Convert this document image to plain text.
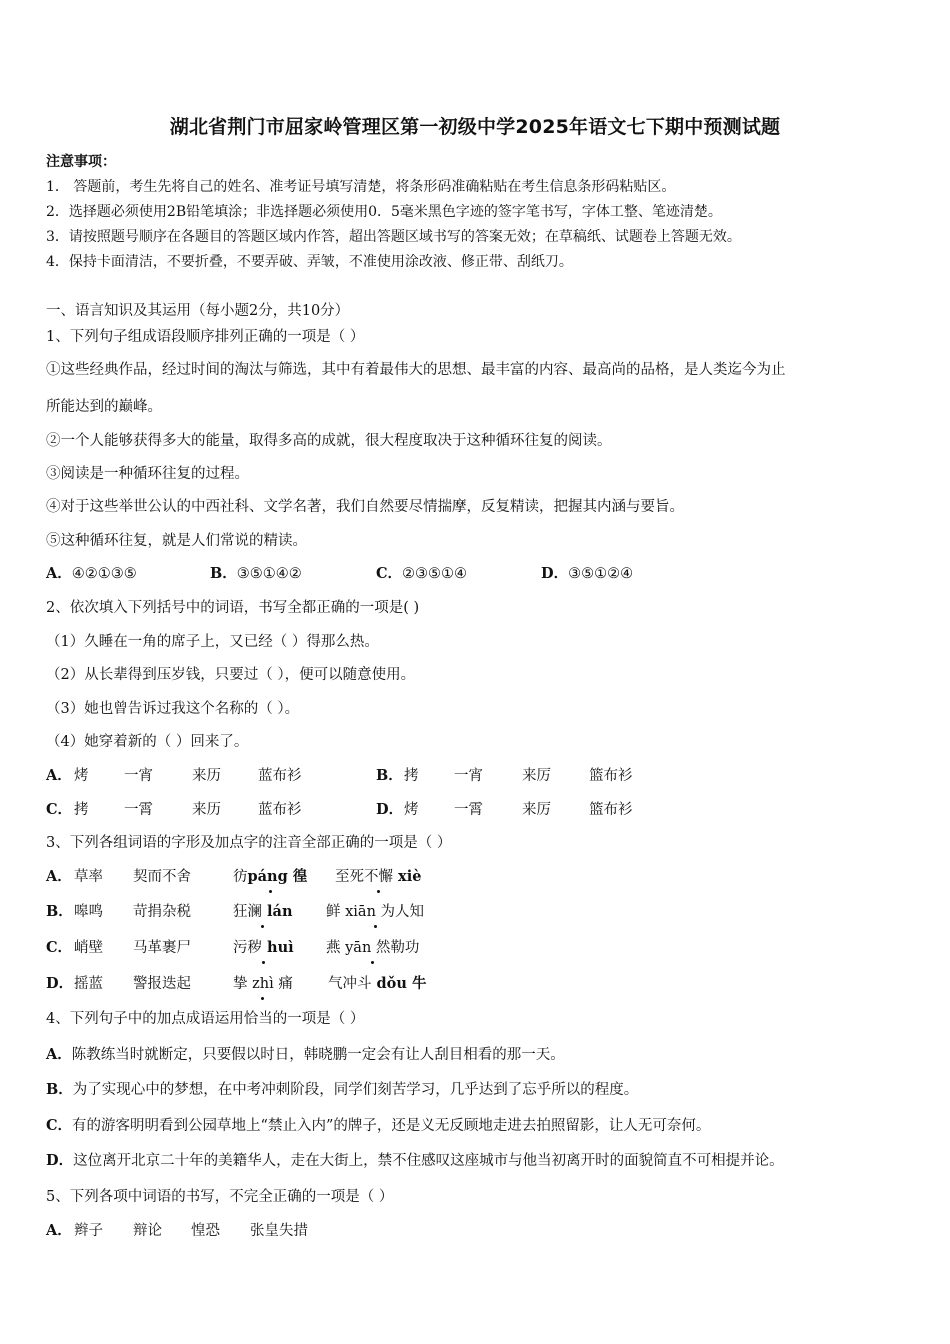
湖北省荆门市屈家岭管理区第一初级中学2025年语文七下期中预测试题
注意事项：
1． 答题前，考生先将自己的姓名、准考证号填写清楚，将条形码准确粘贴在考生信息条形码粘贴区。
2．选择题必须使用2B铅笔填涂；非选择题必须使用0．5毫米黑色字迹的签字笔书写，字体工整、笔迹清楚。
3．请按照题号顺序在各题目的答题区域内作答，超出答题区域书写的答案无效；在草稿纸、试题卷上答题无效。
4．保持卡面清洁，不要折叠，不要弄破、弄皱，不准使用涂改液、修正带、刮纸刀。
一、语言知识及其运用（每小题2分，共10分）
1、下列句子组成语段顺序排列正确的一项是（ ）
①这些经典作品，经过时间的淘汰与筛选，其中有着最伟大的思想、最丰富的内容、最高尚的品格，是人类迄今为止
所能达到的巅峰。
②一个人能够获得多大的能量，取得多高的成就，很大程度取决于这种循环往复的阅读。
③阅读是一种循环往复的过程。
④对于这些举世公认的中西社科、文学名著，我们自然要尽情揣摩，反复精读，把握其内涵与要旨。
⑤这种循环往复，就是人们常说的精读。
A．④②①③⑤	B．③⑤①④②	C．②③⑤①④	D．③⑤①②④
2、依次填入下列括号中的词语，书写全都正确的一项是( )
（1）久睡在一角的席子上，又已经（ ）得那么热。
（2）从长辈得到压岁钱，只要过（ ），便可以随意使用。
（3）她也曾告诉过我这个名称的（ ）。
（4）她穿着新的（ ）回来了。
A． 烤 一宵	来历	蓝布衫	B． 拷 一宵	来厉	篮布衫
C． 拷 一霄	来历	蓝布衫	D． 烤 一霄	来厉	篮布衫
3、下列各组词语的字形及加点字的注音全部正确的一项是（ ）
A． 草率 契而不舍	彷páng 徨 至死不懈 xiè
B． 嗥鸣 苛捐杂税	狂澜 lán 鲜 xiān 为人知
C． 峭壁 马革裹尸	污秽 huì 燕 yān 然勒功
D． 摇蓝 警报迭起	挚 zhì 痛 气冲斗 dǒu 牛
4、下列句子中的加点成语运用恰当的一项是（ ）
A．陈教练当时就断定，只要假以时日，韩晓鹏一定会有让人刮目相看的那一天。
B．为了实现心中的梦想，在中考冲刺阶段，同学们刻苦学习，几乎达到了忘乎所以的程度。
C．有的游客明明看到公园草地上“禁止入内”的牌子，还是义无反顾地走进去拍照留影，让人无可奈何。
D．这位离开北京二十年的美籍华人，走在大街上，禁不住感叹这座城市与他当初离开时的面貌简直不可相提并论。
5、下列各项中词语的书写，不完全正确的一项是（ ）
A． 辫子 辩论 惶恐 张皇失措
